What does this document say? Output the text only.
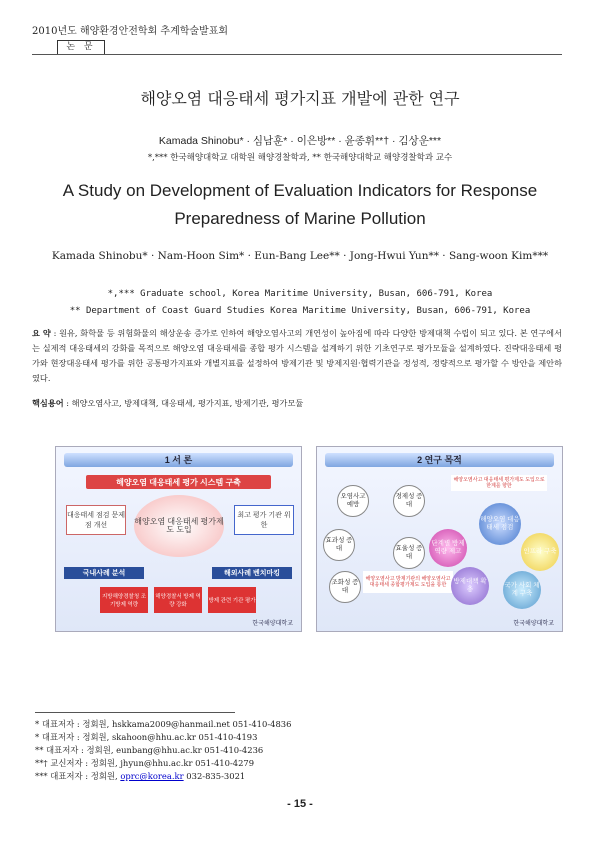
2010년도 해양환경안전학회 추계학술발표회
논 문
해양오염 대응태세 평가지표 개발에 관한 연구
Kamada Shinobu* · 심남훈* · 이은방** · 윤종휘**† · 김상운***
*,*** 한국해양대학교 대학원 해양경찰학과, ** 한국해양대학교 해양경찰학과 교수
A Study on Development of Evaluation Indicators for Response
Preparedness of Marine Pollution
Kamada Shinobu* · Nam-Hoon Sim* · Eun-Bang Lee** · Jong-Hwui Yun** · Sang-woon Kim***
*,*** Graduate school, Korea Maritime University, Busan, 606-791, Korea
** Department of Coast Guard Studies Korea Maritime University, Busan, 606-791, Korea
요 약 : 원유, 화학물 등 위험화물의 해상운송 증가로 인하여 해양오염사고의 개연성이 높아짐에 따라 다양한 방제대책 수립이 되고 있다. 본 연구에서는 실제적 대응태세의 강화를 목적으로 해양오염 대응태세를 종합 평가 시스템을 설계하기 위한 기초연구로 평가모듈을 설계하였다. 진략대응태세 평가와 현장대응태세 평가를 위한 공통평가지표와 개별지표를 설정하여 방제기관 및 방제지원·협력기관을 정성적, 정량적으로 평가할 수 방안을 제안하였다.
핵심용어 : 해양오염사고, 방제대책, 대응태세, 평가지표, 방제기관, 평가모듈
1 서 론
해양오염 대응태세 평가 시스템 구축
해양오염 대응태세 평가제도 도입
대응태세 점검 문제점 개선
최고 평가 기관 위한
국내사례 분석	해외사례 벤치마킹
지방해양경찰청 조기방제 역량
해양경찰서 방제 역량 강화
방제 관련 기관 평가
한국해양대학교
2 연구 목적
오염사고 예방
경제성 증대
효과성 증대	효율성 증대
조화성 증대
해양오염사고 대응태세 평가제도 도입으로 한계를 향한
해양오염사고 방제기관의 해양오염사고 대응태세 종합평가제도 도입을 통한
해양오염 대응태세 점검
단계별 방제 역량 제고	인프라 구축
방제대책 확충
국가 사회 체계 구축
한국해양대학교
* 대표저자 : 정회원, hskkama2009@hanmail.net 051-410-4836
* 대표저자 : 정회원, skahoon@hhu.ac.kr 051-410-4193
** 대표저자 : 정회원, eunbang@hhu.ac.kr 051-410-4236
**† 교신저자 : 정회원, jhyun@hhu.ac.kr 051-410-4279
*** 대표저자 : 정회원, oprc@korea.kr 032-835-3021
- 15 -
